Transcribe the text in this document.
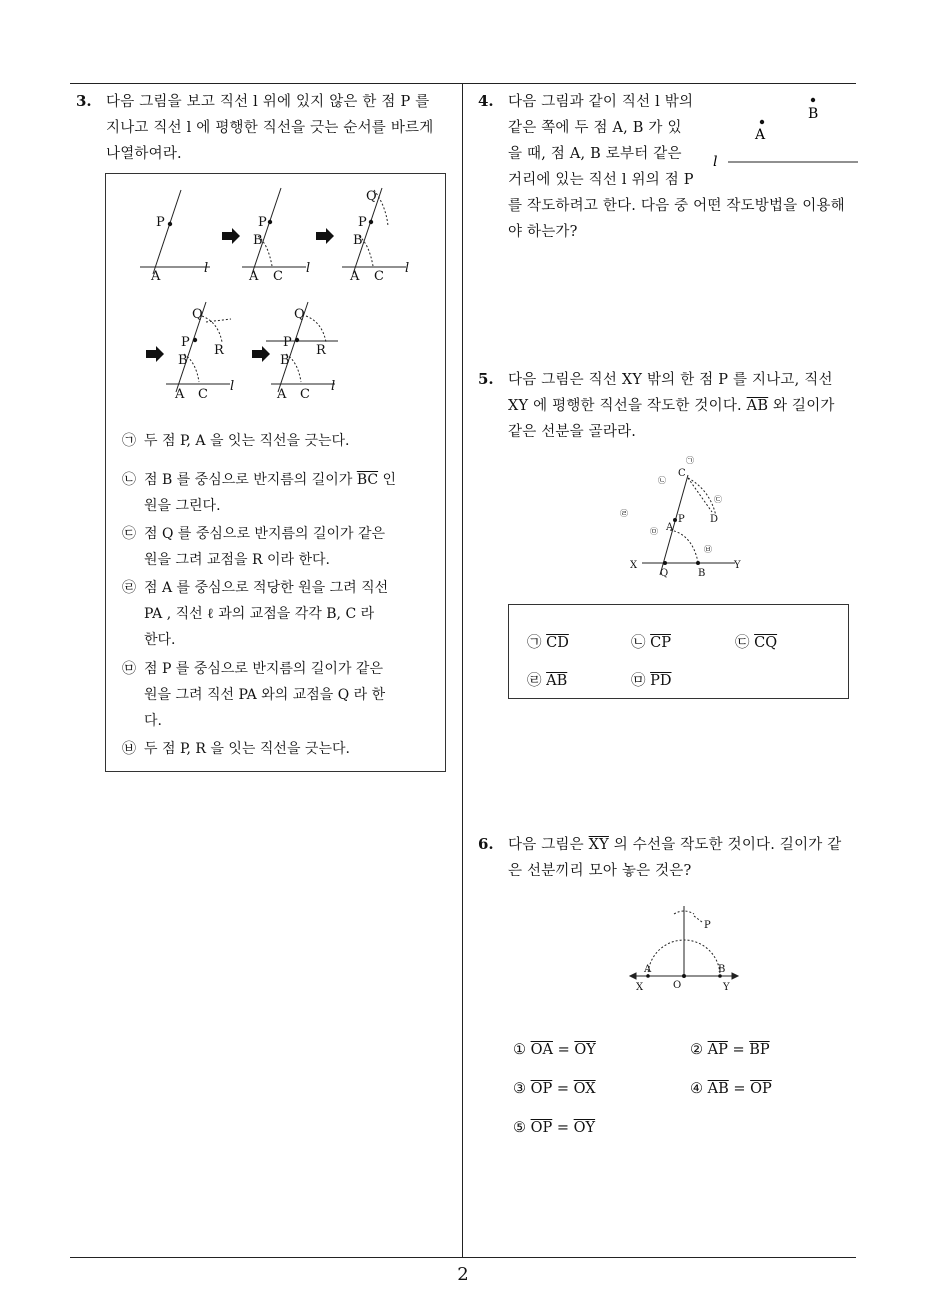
3. 다음 그림을 보고 직선 l 위에 있지 않은 한 점 P 를
지나고 직선 l 에 평행한 직선을 긋는 순서를 바르게
나열하여라.
P
A
l
P
B
A C
l
Q
P
B
A C
l
Q
P
R
B
A C
l
Q
P
R
B
A C
l
㉠ 두 점 P, A 을 잇는 직선을 긋는다.
㉡ 점 B 를 중심으로 반지름의 길이가 $\overline{BC}$ 인
원을 그린다.
㉢ 점 Q 를 중심으로 반지름의 길이가 같은
원을 그려 교점을 R 이라 한다.
㉣ 점 A 를 중심으로 적당한 원을 그려 직선
PA , 직선 ℓ 과의 교점을 각각 B, C 라
한다.
㉤ 점 P 를 중심으로 반지름의 길이가 같은
원을 그려 직선 PA 와의 교점을 Q 라 한
다.
㉥ 두 점 P, R 을 잇는 직선을 긋는다.
4. 다음 그림과 같이 직선 l 밖의
같은 쪽에 두 점 A, B 가 있
을 때, 점 A, B 로부터 같은
거리에 있는 직선 l 위의 점 P
를 작도하려고 한다. 다음 중 어떤 작도방법을 이용해
야 하는가?
B
A
l
5. 다음 그림은 직선 XY 밖의 한 점 P 를 지나고, 직선
XY 에 평행한 직선을 작도한 것이다. $\overline{AB}$ 와 길이가
같은 선분을 골라라.
X	Y
Q	B
A
P
C
D
㉠
㉡
㉢
㉣
㉤
㉥
㉠ $\overline{CD}$	㉡ $\overline{CP}$	㉢ $\overline{CQ}$
㉣ $\overline{AB}$	㉤ $\overline{PD}$
6. 다음 그림은 $\overline{XY}$ 의 수선을 작도한 것이다. 길이가 같
은 선분끼리 모아 놓은 것은?
P
A	B
X	O	Y
① $\overline{OA} = \overline{OY}$	② $\overline{AP} = \overline{BP}$
③ $\overline{OP} = \overline{OX}$	④ $\overline{AB} = \overline{OP}$
⑤ $\overline{OP} = \overline{OY}$
2
